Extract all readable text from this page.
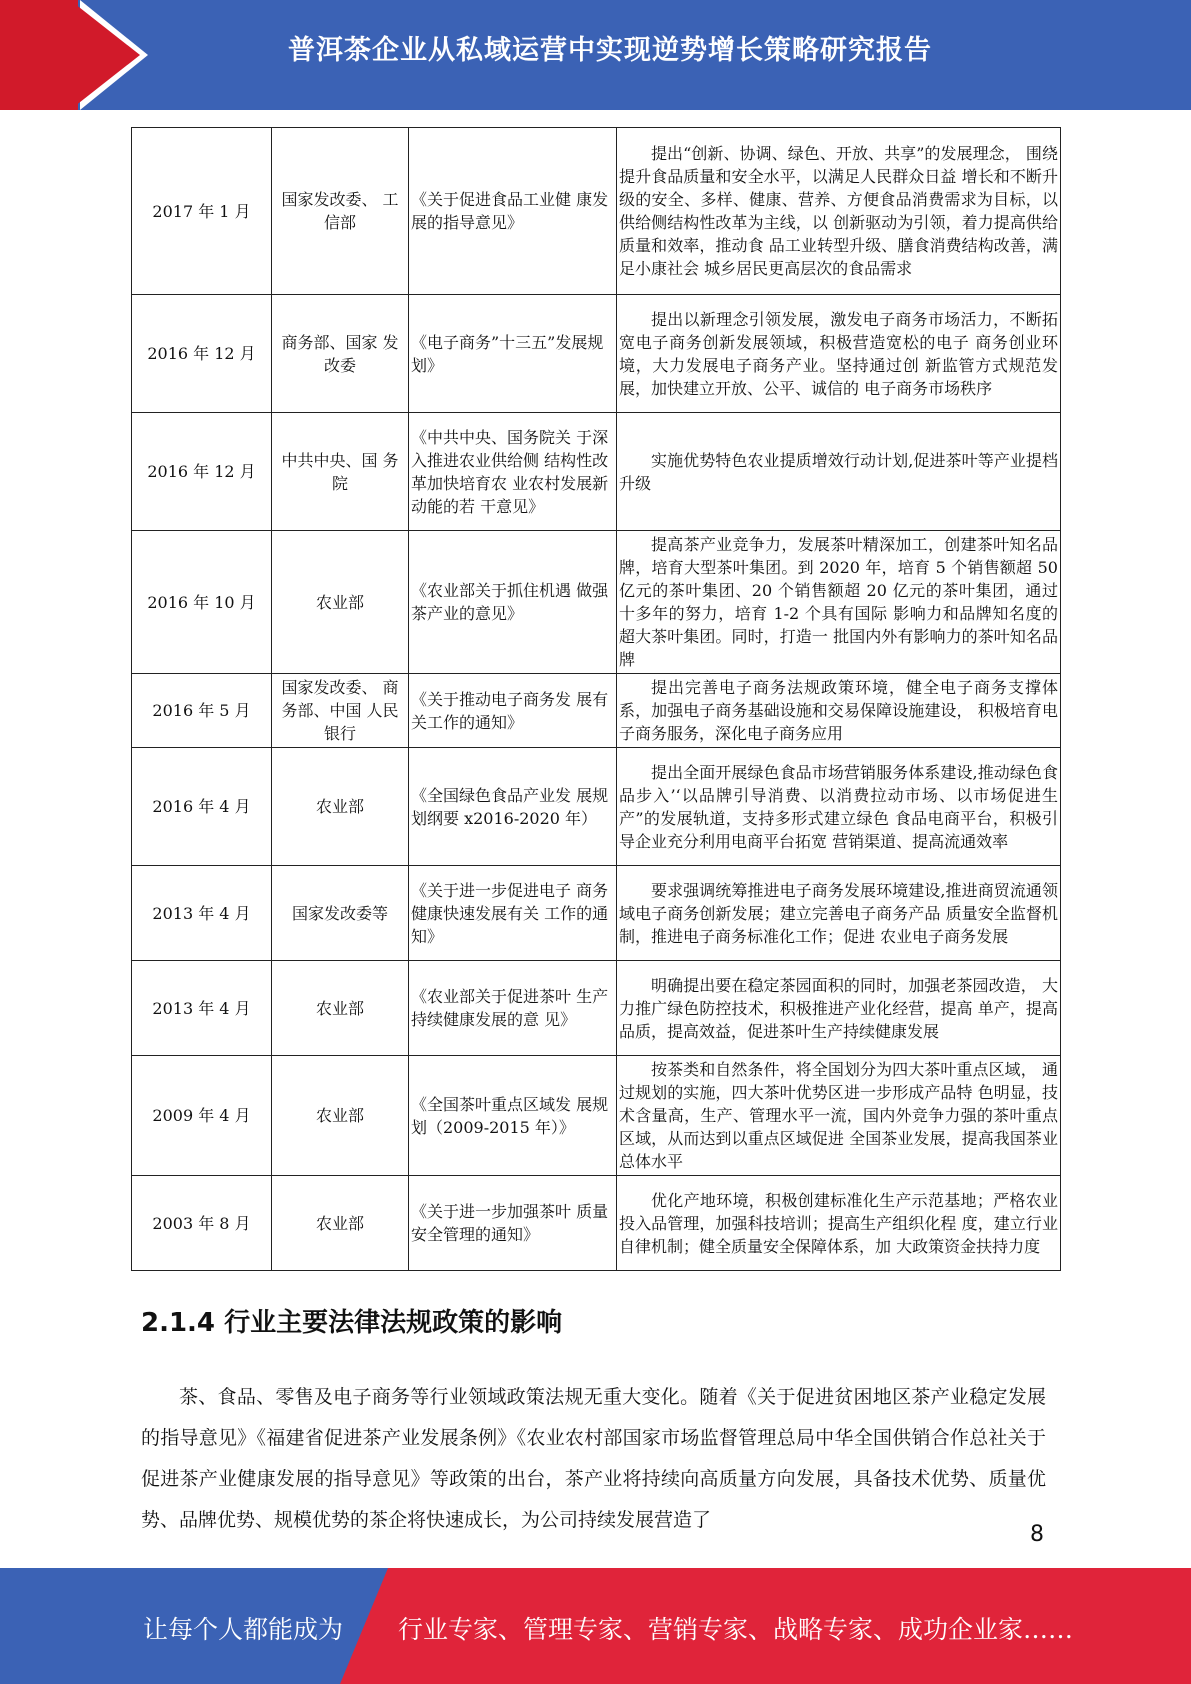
普洱茶企业从私域运营中实现逆势增长策略研究报告
2017 年 1 月	国家发改委、 工信部	《关于促进食品工业健 康发展的指导意见》	提出“创新、协调、绿色、开放、共享”的发展理念， 围绕提升食品质量和安全水平，以满足人民群众日益 增长和不断升级的安全、多样、健康、营养、方便食品消费需求为目标，以供给侧结构性改革为主线，以 创新驱动为引领，着力提高供给质量和效率，推动食 品工业转型升级、膳食消费结构改善，满足小康社会 城乡居民更高层次的食品需求
2016 年 12 月	商务部、国家 发改委	《电子商务”十三五”发展规划》	提出以新理念引领发展，激发电子商务市场活力，不断拓宽电子商务创新发展领域，积极营造宽松的电子 商务创业环境，大力发展电子商务产业。坚持通过创 新监管方式规范发展，加快建立开放、公平、诚信的 电子商务市场秩序
2016 年 12 月	中共中央、国 务院	《中共中央、国务院关 于深入推进农业供给侧 结构性改革加快培育农 业农村发展新动能的若 干意见》	实施优势特色农业提质增效行动计划,促进茶叶等产业提档升级
2016 年 10 月	农业部	《农业部关于抓住机遇 做强茶产业的意见》	提高茶产业竞争力，发展茶叶精深加工，创建茶叶知名品牌，培育大型茶叶集团。到 2020 年，培育 5 个销售额超 50 亿元的茶叶集团、20 个销售额超 20 亿元的茶叶集团，通过十多年的努力，培育 1-2 个具有国际 影响力和品牌知名度的超大茶叶集团。同时，打造一 批国内外有影响力的茶叶知名品牌
2016 年 5 月	国家发改委、 商务部、中国 人民银行	《关于推动电子商务发 展有关工作的通知》	提出完善电子商务法规政策环境，健全电子商务支撑体系，加强电子商务基础设施和交易保障设施建设， 积极培育电子商务服务，深化电子商务应用
2016 年 4 月	农业部	《全国绿色食品产业发 展规划纲要 x2016-2020 年）	提出全面开展绿色食品市场营销服务体系建设,推动绿色食品步入’‘以品牌引导消费、以消费拉动市场、以市场促进生产”的发展轨道，支持多形式建立绿色 食品电商平台，积极引导企业充分利用电商平台拓宽 营销渠道、提高流通效率
2013 年 4 月	国家发改委等	《关于进一步促进电子 商务健康快速发展有关 工作的通知》	要求强调统筹推进电子商务发展环境建设,推进商贸流通领域电子商务创新发展；建立完善电子商务产品 质量安全监督机制，推进电子商务标准化工作；促进 农业电子商务发展
2013 年 4 月	农业部	《农业部关于促进茶叶 生产持续健康发展的意 见》	明确提出要在稳定茶园面积的同时，加强老茶园改造， 大力推广绿色防控技术，积极推进产业化经营，提高 单产，提高品质，提高效益，促进茶叶生产持续健康发展
2009 年 4 月	农业部	《全国茶叶重点区域发 展规划（2009-2015 年）》	按茶类和自然条件，将全国划分为四大茶叶重点区域， 通过规划的实施，四大茶叶优势区进一步形成产品特 色明显，技术含量高，生产、管理水平一流，国内外竞争力强的茶叶重点区域，从而达到以重点区域促进 全国茶业发展，提高我国茶业总体水平
2003 年 8 月	农业部	《关于进一步加强茶叶 质量安全管理的通知》	优化产地环境，积极创建标准化生产示范基地；严格农业投入品管理，加强科技培训；提高生产组织化程 度，建立行业自律机制；健全质量安全保障体系，加 大政策资金扶持力度
2.1.4 行业主要法律法规政策的影响
茶、食品、零售及电子商务等行业领域政策法规无重大变化。随着《关于促进贫困地区茶产业稳定发展的指导意见》《福建省促进茶产业发展条例》《农业农村部国家市场监督管理总局中华全国供销合作总社关于促进茶产业健康发展的指导意见》等政策的出台，茶产业将持续向高质量方向发展，具备技术优势、质量优势、品牌优势、规模优势的茶企将快速成长，为公司持续发展营造了
8
让每个人都能成为 行业专家、管理专家、营销专家、战略专家、成功企业家……
